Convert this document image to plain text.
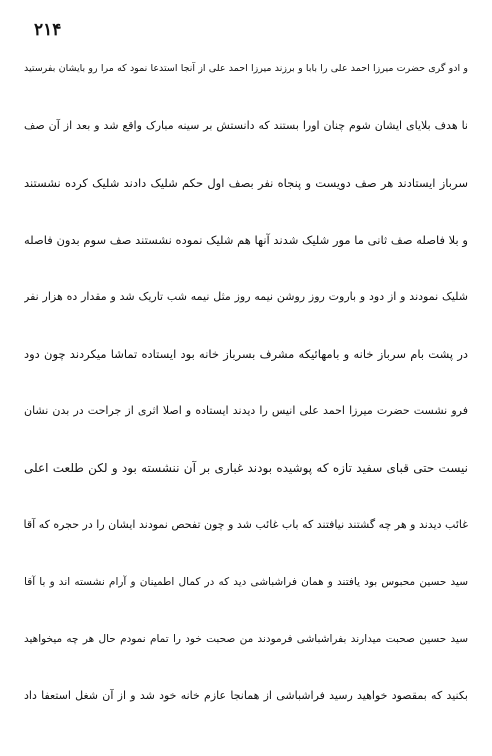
۲۱۴
و ادو گری حضرت میرزا احمد علی را بابا و برزند میرزا احمد علی از آنجا استدعا نمود که مرا رو بایشان بفرستید
نا هدف بلایای ایشان شوم چنان اورا بستند که دانستش بر سینه مبارک واقع شد و بعد از آن صف
سرباز ایستادند هر صف دویست و پنجاه نفر بصف اول حکم شلیک دادند شلیک کرده نشستند
و بلا فاصله صف ثانی ما مور شلیک شدند آنها هم شلیک نموده نشستند صف سوم بدون فاصله
شلیک نمودند و از دود و باروت روز روشن نیمه روز مثل نیمه شب تاریک شد و مقدار ده هزار نفر
در پشت بام سرباز خانه و بامهائیکه مشرف بسرباز خانه بود ایستاده تماشا میکردند چون دود
فرو نشست حضرت میرزا احمد علی انیس را دیدند ایستاده و اصلا اثری از جراحت در بدن نشان
نیست حتی قبای سفید تازه که پوشیده بودند غباری بر آن ننشسته بود و لکن طلعت اعلی
غائب دیدند و هر چه گشتند نیافتند که باب غائب شد و چون تفحص نمودند ایشان را در حجره که آقا
سید حسین محبوس بود یافتند و همان فراشباشی دید که در کمال اطمینان و آرام نشسته اند و با آقا
سید حسین صحبت میدارند بفراشباشی فرمودند من صحبت خود را تمام نمودم حال هر چه میخواهید
بکنید که بمقصود خواهید رسید فراشباشی از همانجا عازم خانه خود شد و از آن شغل استعفا داد
